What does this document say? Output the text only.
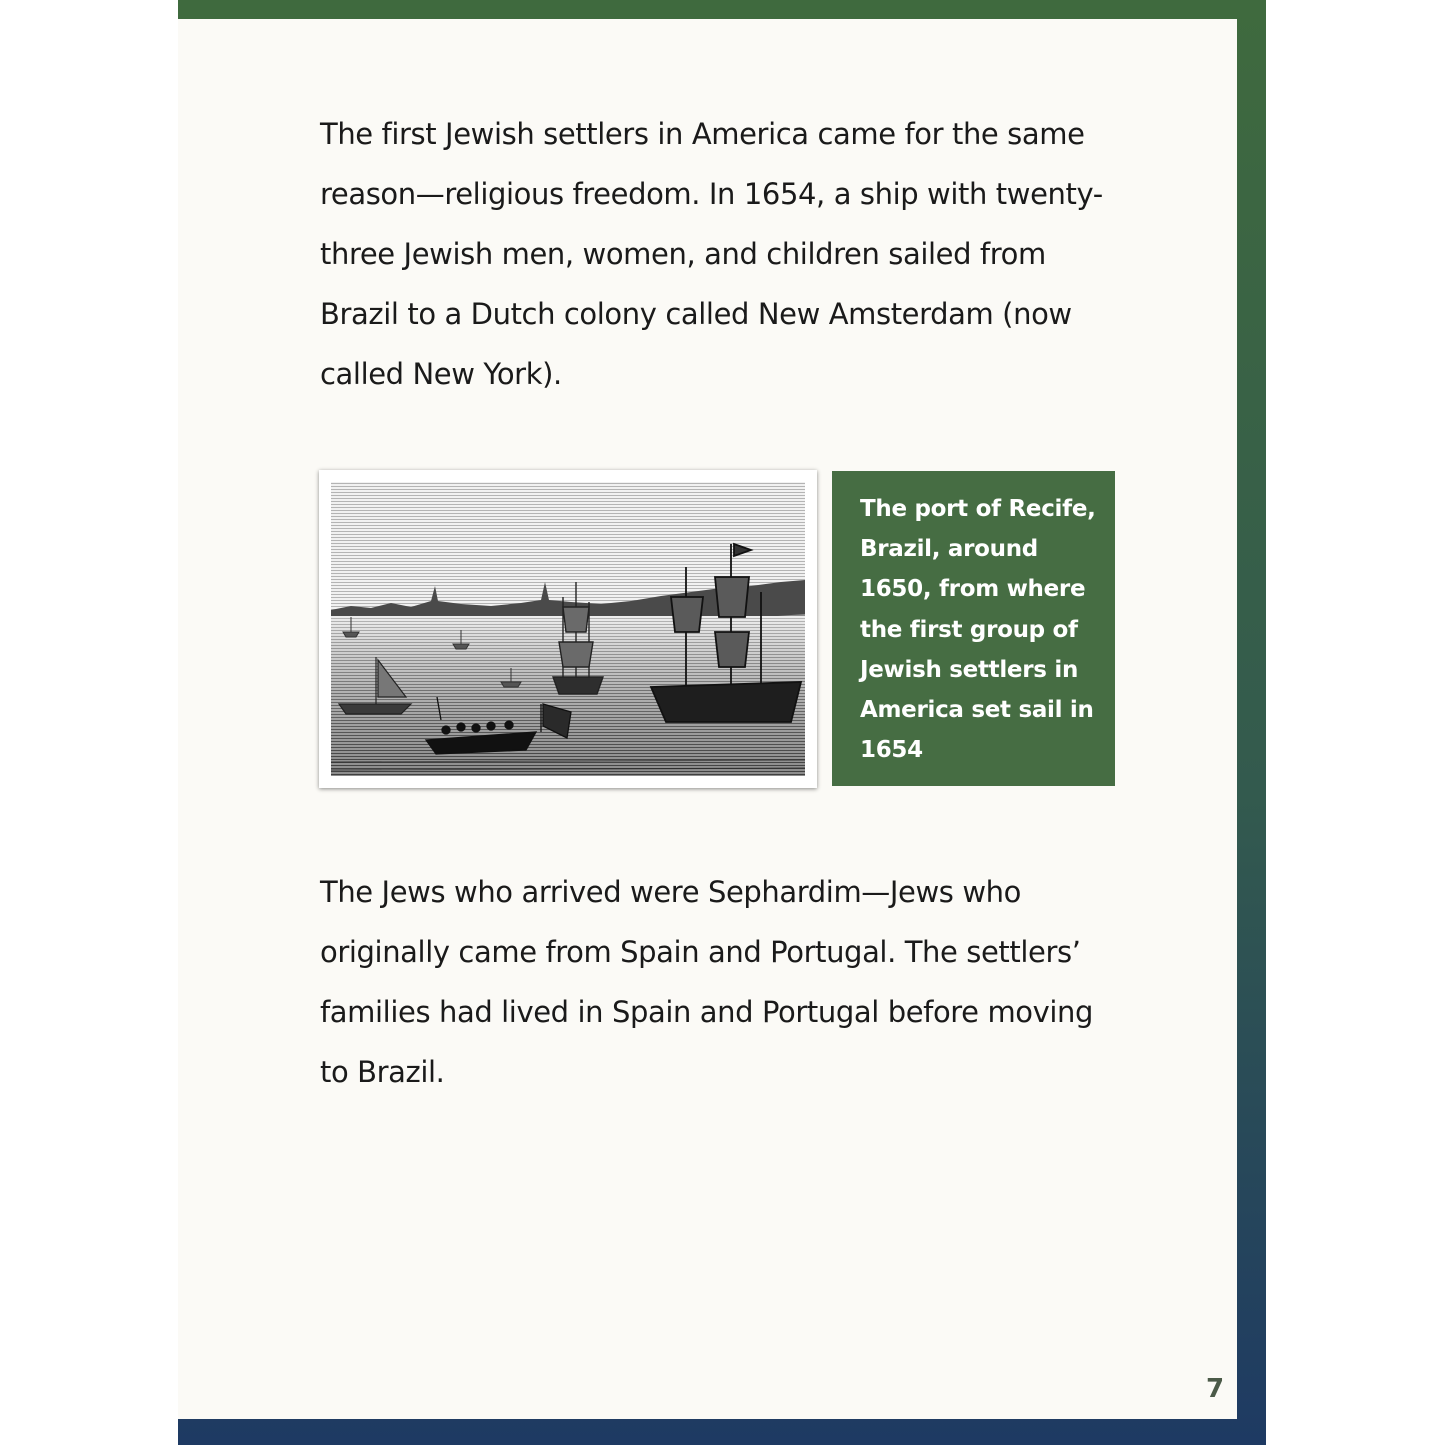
The first Jewish settlers in America came for the same reason—religious freedom. In 1654, a ship with twenty-three Jewish men, women, and children sailed from Brazil to a Dutch colony called New Amsterdam (now called New York).

The port of Recife, Brazil, around 1650, from where the first group of Jewish settlers in America set sail in 1654

The Jews who arrived were Sephardim—Jews who originally came from Spain and Portugal. The settlers’ families had lived in Spain and Portugal before moving to Brazil.

7
